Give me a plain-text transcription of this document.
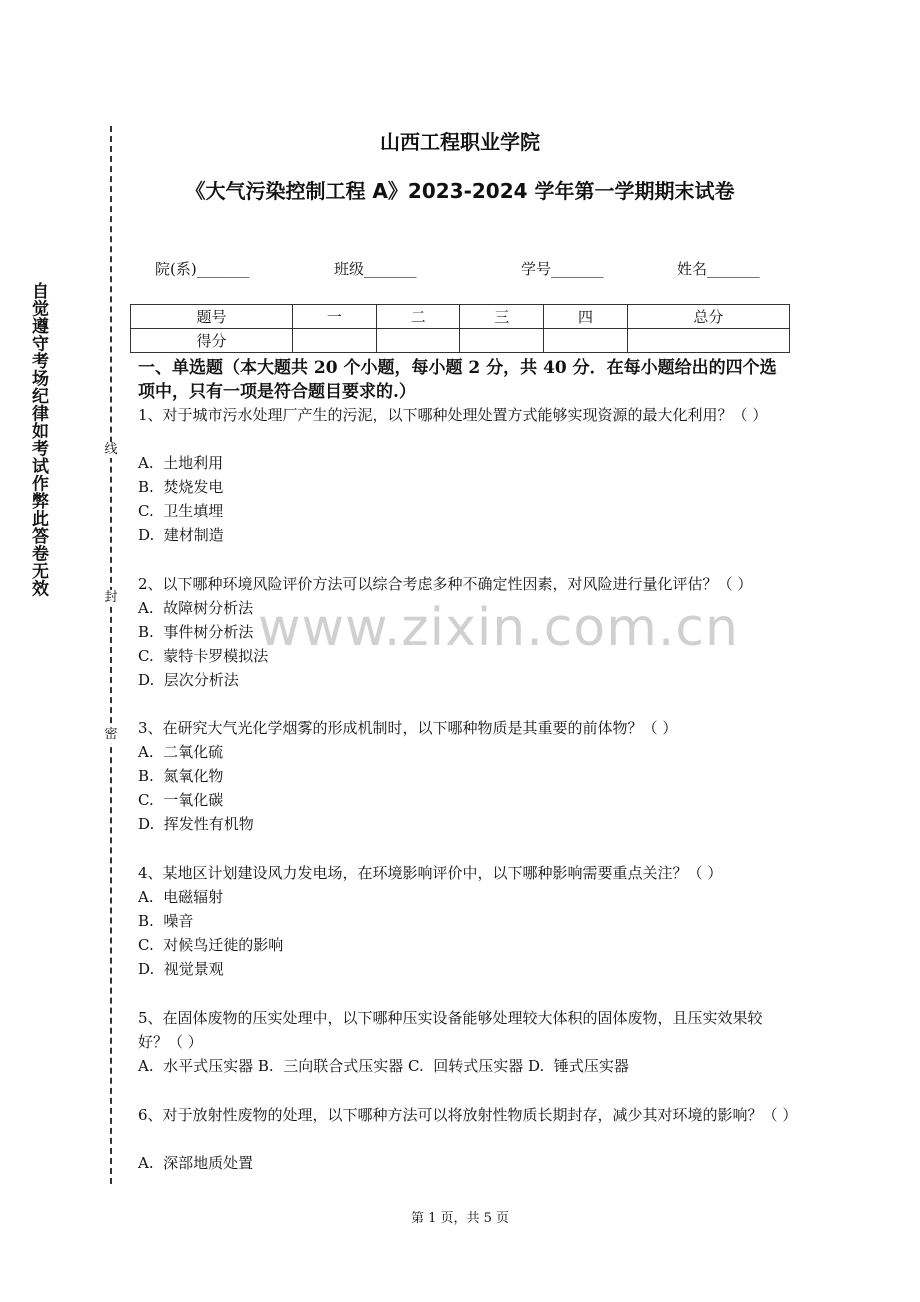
自觉遵守考场纪律如考试作弊此答卷无效	线
封
密
山西工程职业学院
《大气污染控制工程 A》2023-2024 学年第一学期期末试卷
院(系)_______	班级_______	学号_______	姓名_______
题号	一	二	三	四	总分
得分					
一、单选题（本大题共 20 个小题，每小题 2 分，共 40 分．在每小题给出的四个选项中，只有一项是符合题目要求的.）
1、对于城市污水处理厂产生的污泥，以下哪种处理处置方式能够实现资源的最大化利用？（ ）
A.  土地利用
B.  焚烧发电
C.  卫生填埋
D.  建材制造
2、以下哪种环境风险评价方法可以综合考虑多种不确定性因素，对风险进行量化评估？（ ）
A.  故障树分析法
B.  事件树分析法
C.  蒙特卡罗模拟法
D.  层次分析法
3、在研究大气光化学烟雾的形成机制时，以下哪种物质是其重要的前体物？（ ）
A.  二氧化硫
B.  氮氧化物
C.  一氧化碳
D.  挥发性有机物
4、某地区计划建设风力发电场，在环境影响评价中，以下哪种影响需要重点关注？（ ）
A.  电磁辐射
B.  噪音
C.  对候鸟迁徙的影响
D.  视觉景观
5、在固体废物的压实处理中，以下哪种压实设备能够处理较大体积的固体废物，且压实效果较好？（ ）
A.  水平式压实器 B.  三向联合式压实器 C.  回转式压实器 D.  锤式压实器
6、对于放射性废物的处理，以下哪种方法可以将放射性物质长期封存，减少其对环境的影响？（ ）
A.  深部地质处置
www.zixin.com.cn
第 1 页，共 5 页
